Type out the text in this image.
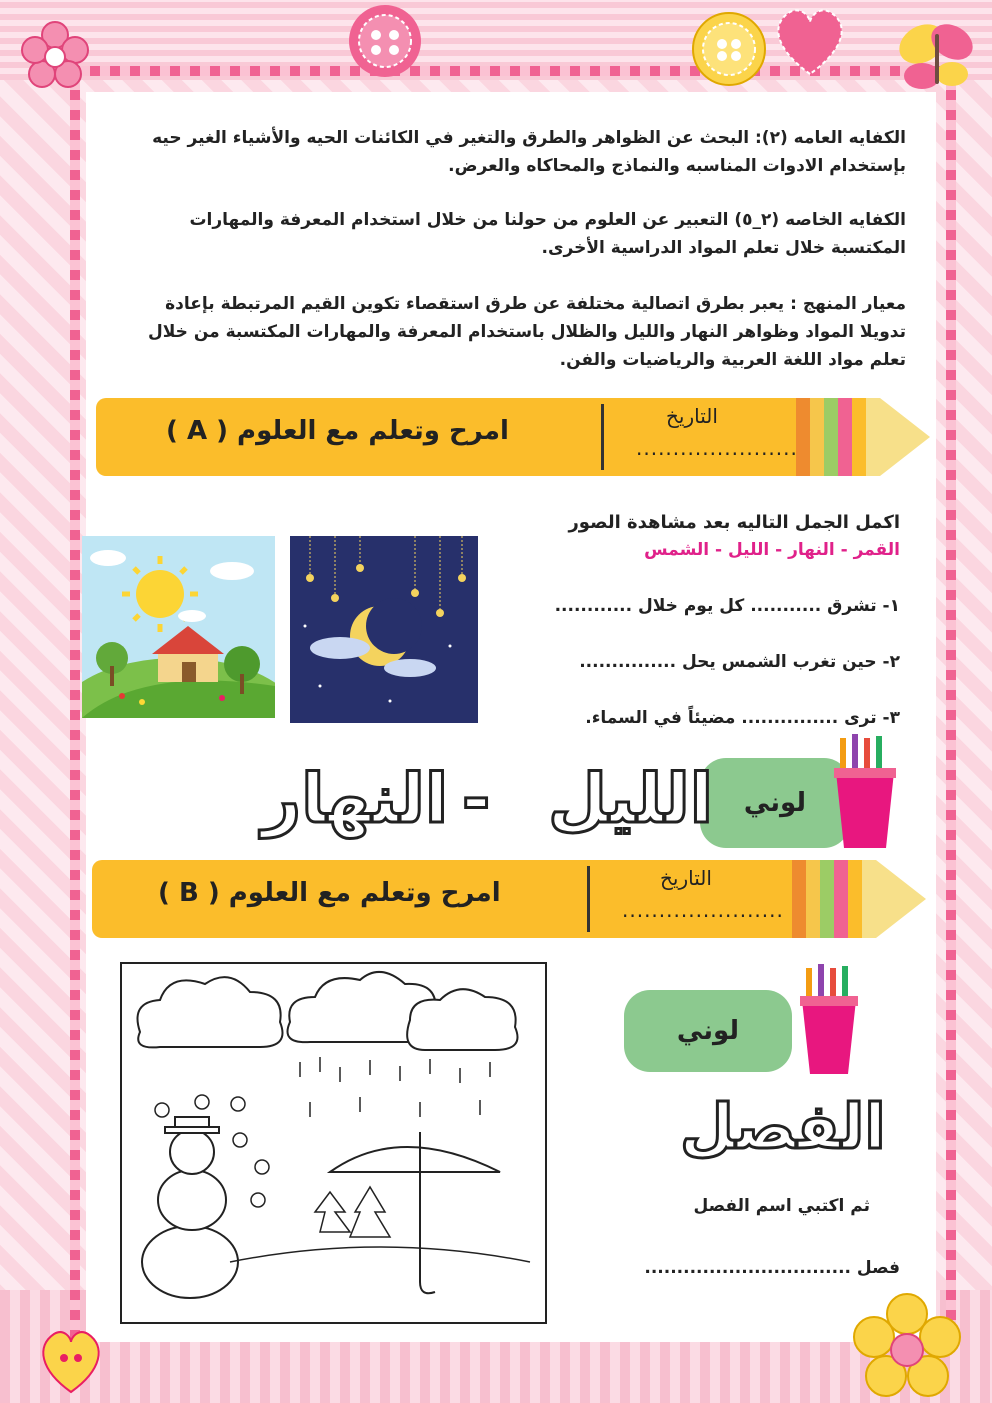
الكفايه العامه (٢): البحث عن الظواهر والطرق والتغير في الكائنات الحيه والأشياء الغير حيه بإستخدام الادوات المناسبه والنماذج والمحاكاه والعرض.
الكفايه الخاصه (٢_٥) التعبير عن العلوم من حولنا من خلال استخدام المعرفة والمهارات المكتسبة خلال تعلم المواد الدراسية الأخرى.
معيار المنهج : يعبر بطرق اتصالية مختلفة عن طرق استقصاء تكوين القيم المرتبطة بإعادة تدويلا المواد وظواهر النهار والليل والظلال باستخدام المعرفة والمهارات المكتسبة من خلال تعلم مواد اللغة العربية والرياضيات والفن.
امرح وتعلم مع العلوم ( A )	التاريخ
......................
اكمل الجمل التاليه بعد مشاهدة الصور
القمر - النهار - الليل - الشمس
١- تشرق ........... كل يوم خلال ............
٢- حين تغرب الشمس يحل ...............
٣- ترى ............... مضيئاً في السماء.
لوني
الليل
-
النهار
امرح وتعلم مع العلوم ( B )	التاريخ
......................
لوني
الفصل
ثم اكتبي اسم الفصل
فصل ................................
